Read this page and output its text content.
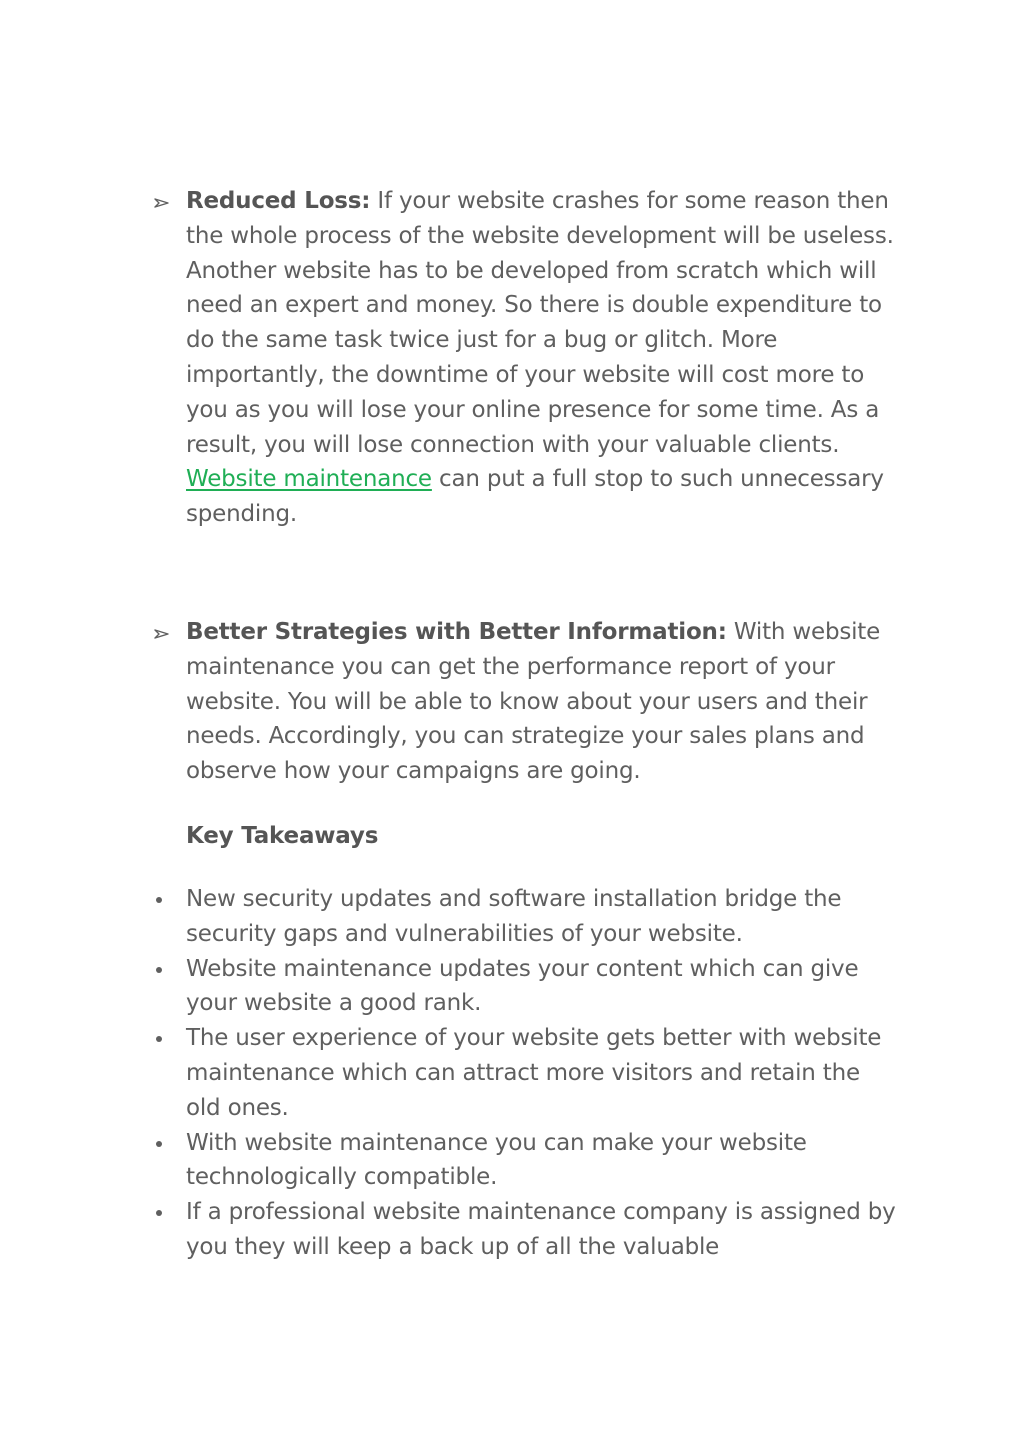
Reduced Loss: If your website crashes for some reason then the whole process of the website development will be useless. Another website has to be developed from scratch which will need an expert and money. So there is double expenditure to do the same task twice just for a bug or glitch. More importantly, the downtime of your website will cost more to you as you will lose your online presence for some time. As a result, you will lose connection with your valuable clients. Website maintenance can put a full stop to such unnecessary spending.
Better Strategies with Better Information: With website maintenance you can get the performance report of your website. You will be able to know about your users and their needs. Accordingly, you can strategize your sales plans and observe how your campaigns are going.
Key Takeaways
New security updates and software installation bridge the security gaps and vulnerabilities of your website.
Website maintenance updates your content which can give your website a good rank.
The user experience of your website gets better with website maintenance which can attract more visitors and retain the old ones.
With website maintenance you can make your website technologically compatible.
If a professional website maintenance company is assigned by you they will keep a back up of all the valuable
